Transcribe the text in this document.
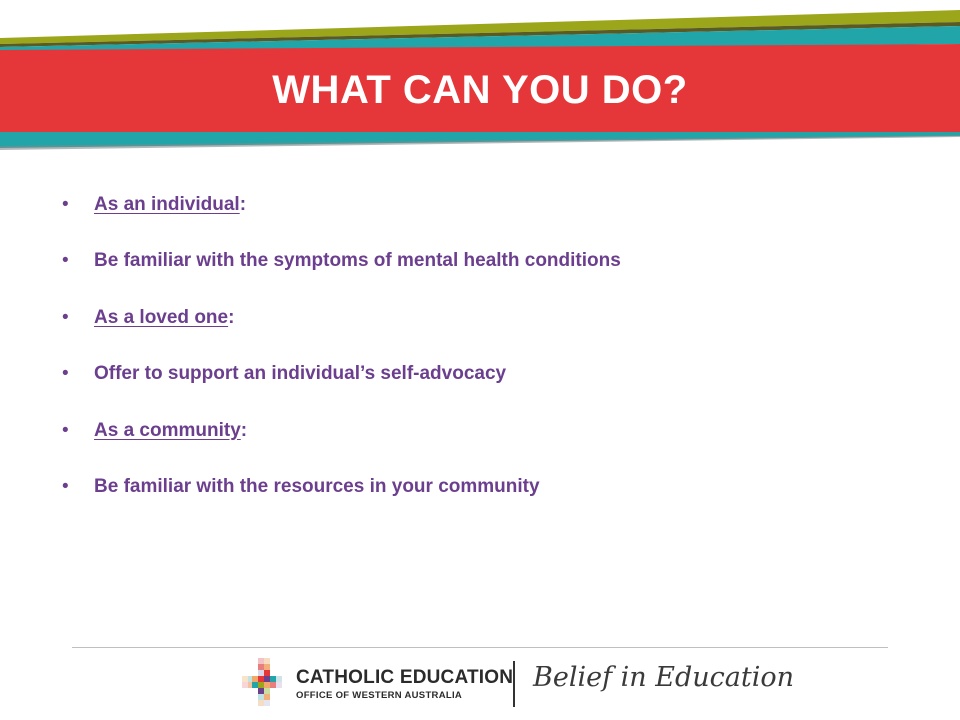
WHAT CAN YOU DO?
• As an individual:
• Be familiar with the symptoms of mental health conditions
• As a loved one:
• Offer to support an individual’s self-advocacy
• As a community:
• Be familiar with the resources in your community
CATHOLIC EDUCATION
OFFICE OF WESTERN AUSTRALIA
Belief in Education
